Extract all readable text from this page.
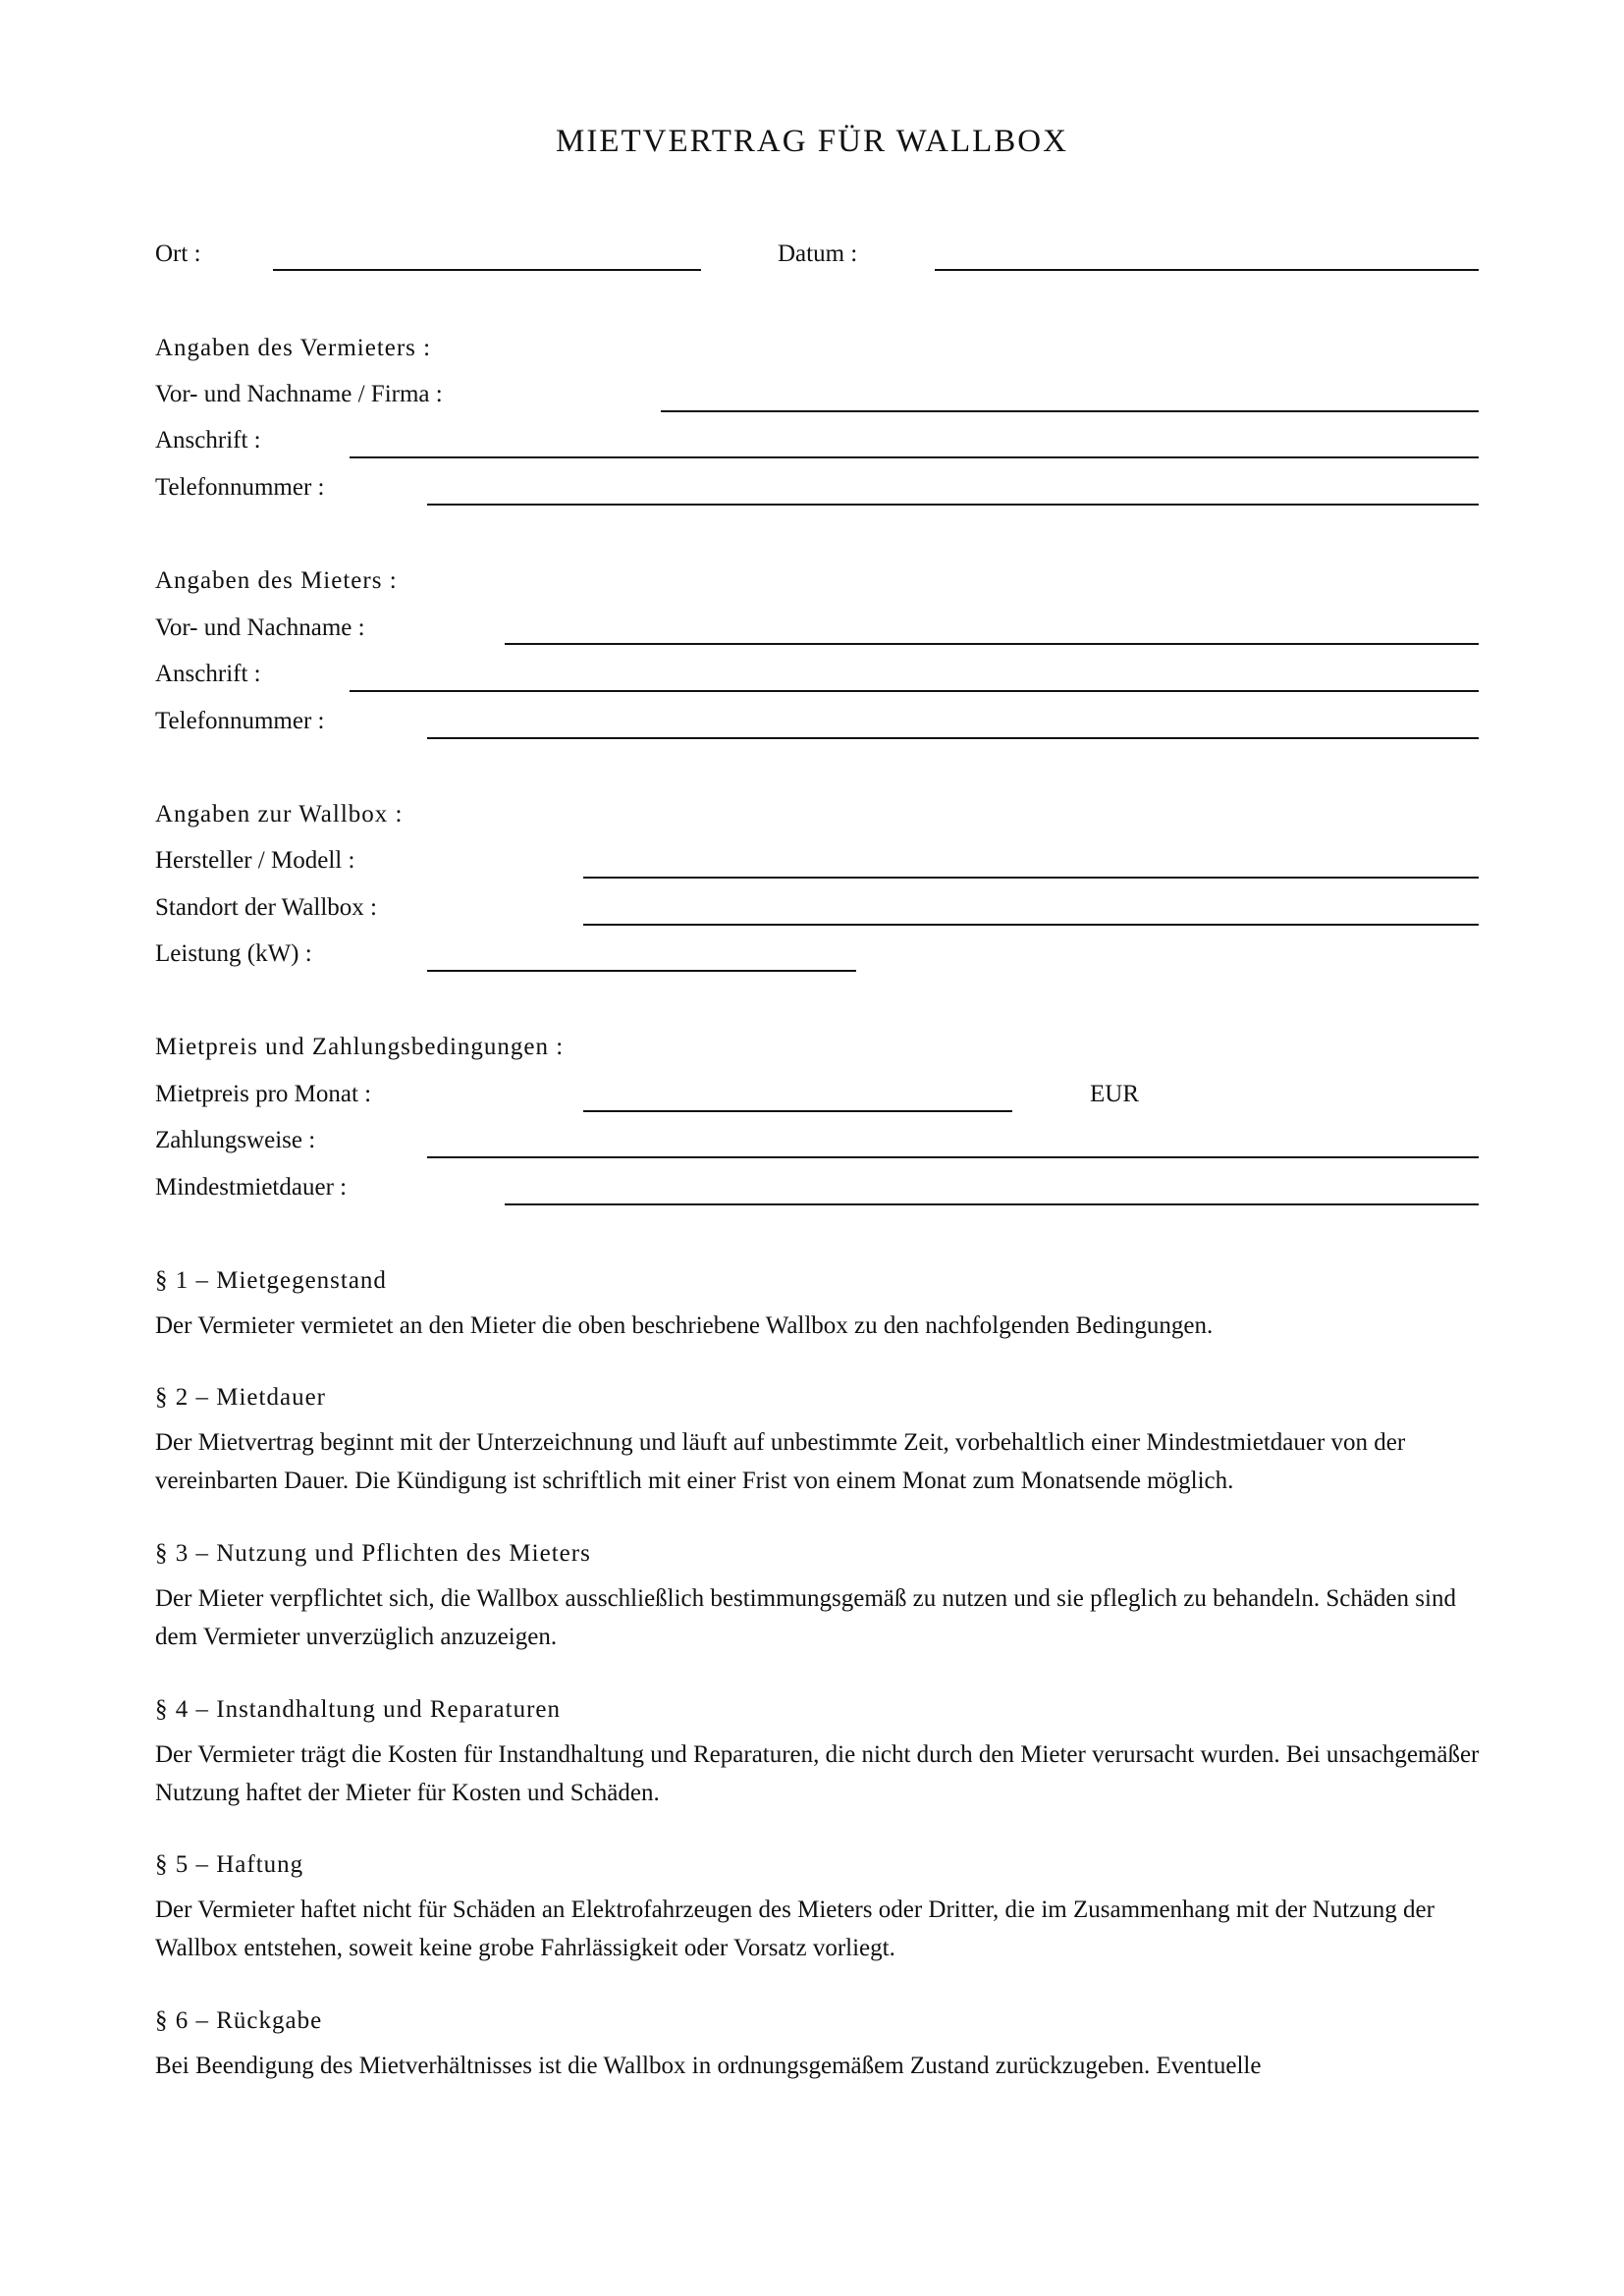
MIETVERTRAG FÜR WALLBOX
Ort :	Datum :
Angaben des Vermieters :
Vor- und Nachname / Firma :
Anschrift :
Telefonnummer :
Angaben des Mieters :
Vor- und Nachname :
Anschrift :
Telefonnummer :
Angaben zur Wallbox :
Hersteller / Modell :
Standort der Wallbox :
Leistung (kW) :
Mietpreis und Zahlungsbedingungen :
Mietpreis pro Monat :	EUR
Zahlungsweise :
Mindestmietdauer :
§ 1 – Mietgegenstand
Der Vermieter vermietet an den Mieter die oben beschriebene Wallbox zu den nachfolgenden Bedingungen.
§ 2 – Mietdauer
Der Mietvertrag beginnt mit der Unterzeichnung und läuft auf unbestimmte Zeit, vorbehaltlich einer Mindestmietdauer von der vereinbarten Dauer. Die Kündigung ist schriftlich mit einer Frist von einem Monat zum Monatsende möglich.
§ 3 – Nutzung und Pflichten des Mieters
Der Mieter verpflichtet sich, die Wallbox ausschließlich bestimmungsgemäß zu nutzen und sie pfleglich zu behandeln. Schäden sind dem Vermieter unverzüglich anzuzeigen.
§ 4 – Instandhaltung und Reparaturen
Der Vermieter trägt die Kosten für Instandhaltung und Reparaturen, die nicht durch den Mieter verursacht wurden. Bei unsachgemäßer Nutzung haftet der Mieter für Kosten und Schäden.
§ 5 – Haftung
Der Vermieter haftet nicht für Schäden an Elektrofahrzeugen des Mieters oder Dritter, die im Zusammenhang mit der Nutzung der Wallbox entstehen, soweit keine grobe Fahrlässigkeit oder Vorsatz vorliegt.
§ 6 – Rückgabe
Bei Beendigung des Mietverhältnisses ist die Wallbox in ordnungsgemäßem Zustand zurückzugeben. Eventuelle
